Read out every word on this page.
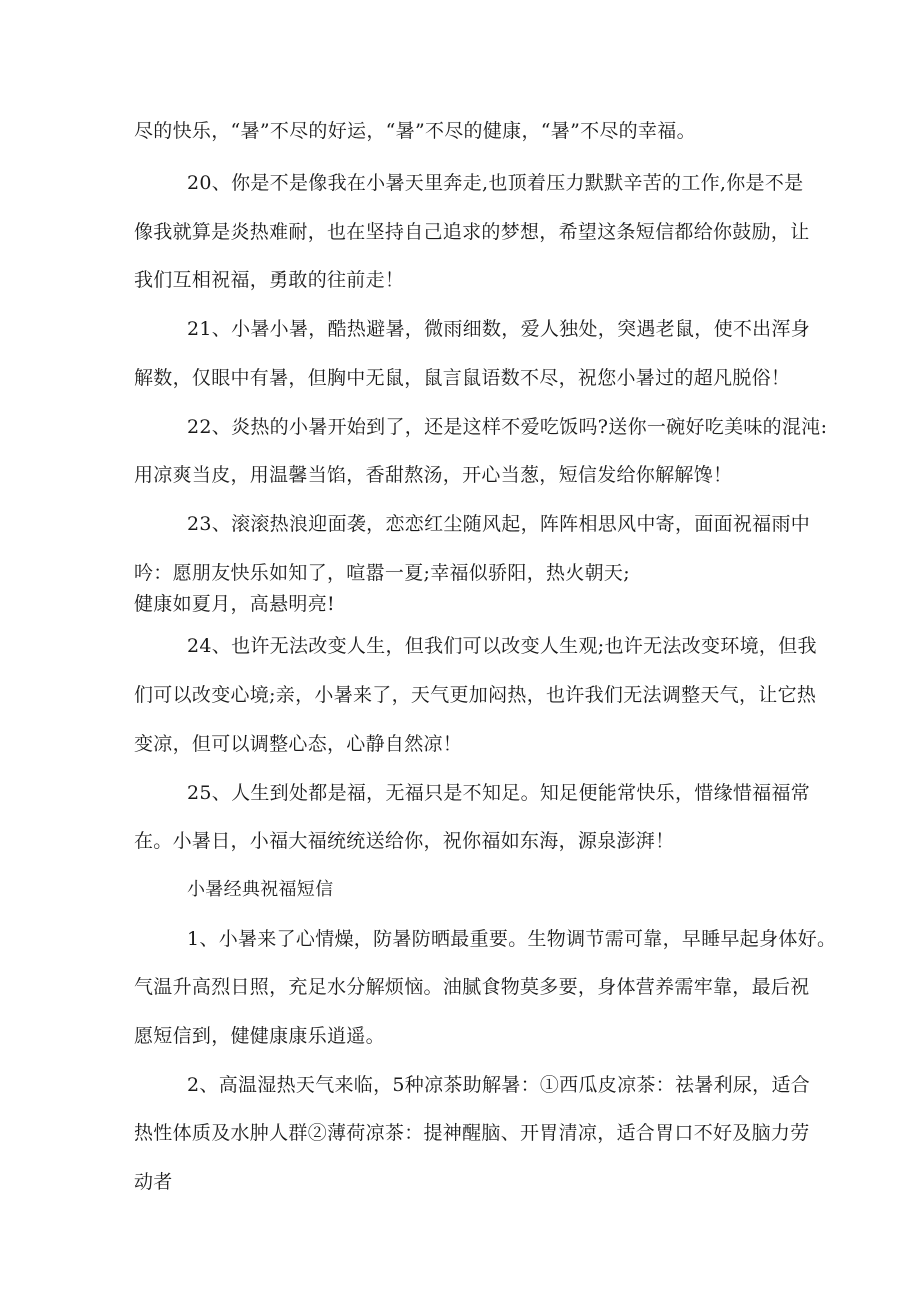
尽的快乐，“暑”不尽的好运，“暑”不尽的健康，“暑”不尽的幸福。
20、你是不是像我在小暑天里奔走,也顶着压力默默辛苦的工作,你是不是
像我就算是炎热难耐，也在坚持自己追求的梦想，希望这条短信都给你鼓励，让
我们互相祝福，勇敢的往前走！
21、小暑小暑，酷热避暑，微雨细数，爱人独处，突遇老鼠，使不出浑身
解数，仅眼中有暑，但胸中无鼠，鼠言鼠语数不尽，祝您小暑过的超凡脱俗！
22、炎热的小暑开始到了，还是这样不爱吃饭吗?送你一碗好吃美味的混沌:
用凉爽当皮，用温馨当馅，香甜熬汤，开心当葱，短信发给你解解馋！
23、滚滚热浪迎面袭，恋恋红尘随风起，阵阵相思风中寄，面面祝福雨中
吟：愿朋友快乐如知了，喧嚣一夏;幸福似骄阳，热火朝天;
健康如夏月，高悬明亮!
24、也许无法改变人生，但我们可以改变人生观;也许无法改变环境，但我
们可以改变心境;亲，小暑来了，天气更加闷热，也许我们无法调整天气，让它热
变凉，但可以调整心态，心静自然凉！
25、人生到处都是福，无福只是不知足。知足便能常快乐，惜缘惜福福常
在。小暑日，小福大福统统送给你，祝你福如东海，源泉澎湃！
小暑经典祝福短信
1、小暑来了心情燥，防暑防晒最重要。生物调节需可靠，早睡早起身体好。
气温升高烈日照，充足水分解烦恼。油腻食物莫多要，身体营养需牢靠，最后祝
愿短信到，健健康康乐逍遥。
2、高温湿热天气来临，5种凉茶助解暑：①西瓜皮凉茶：祛暑利尿，适合
热性体质及水肿人群②薄荷凉茶：提神醒脑、开胃清凉，适合胃口不好及脑力劳
动者
